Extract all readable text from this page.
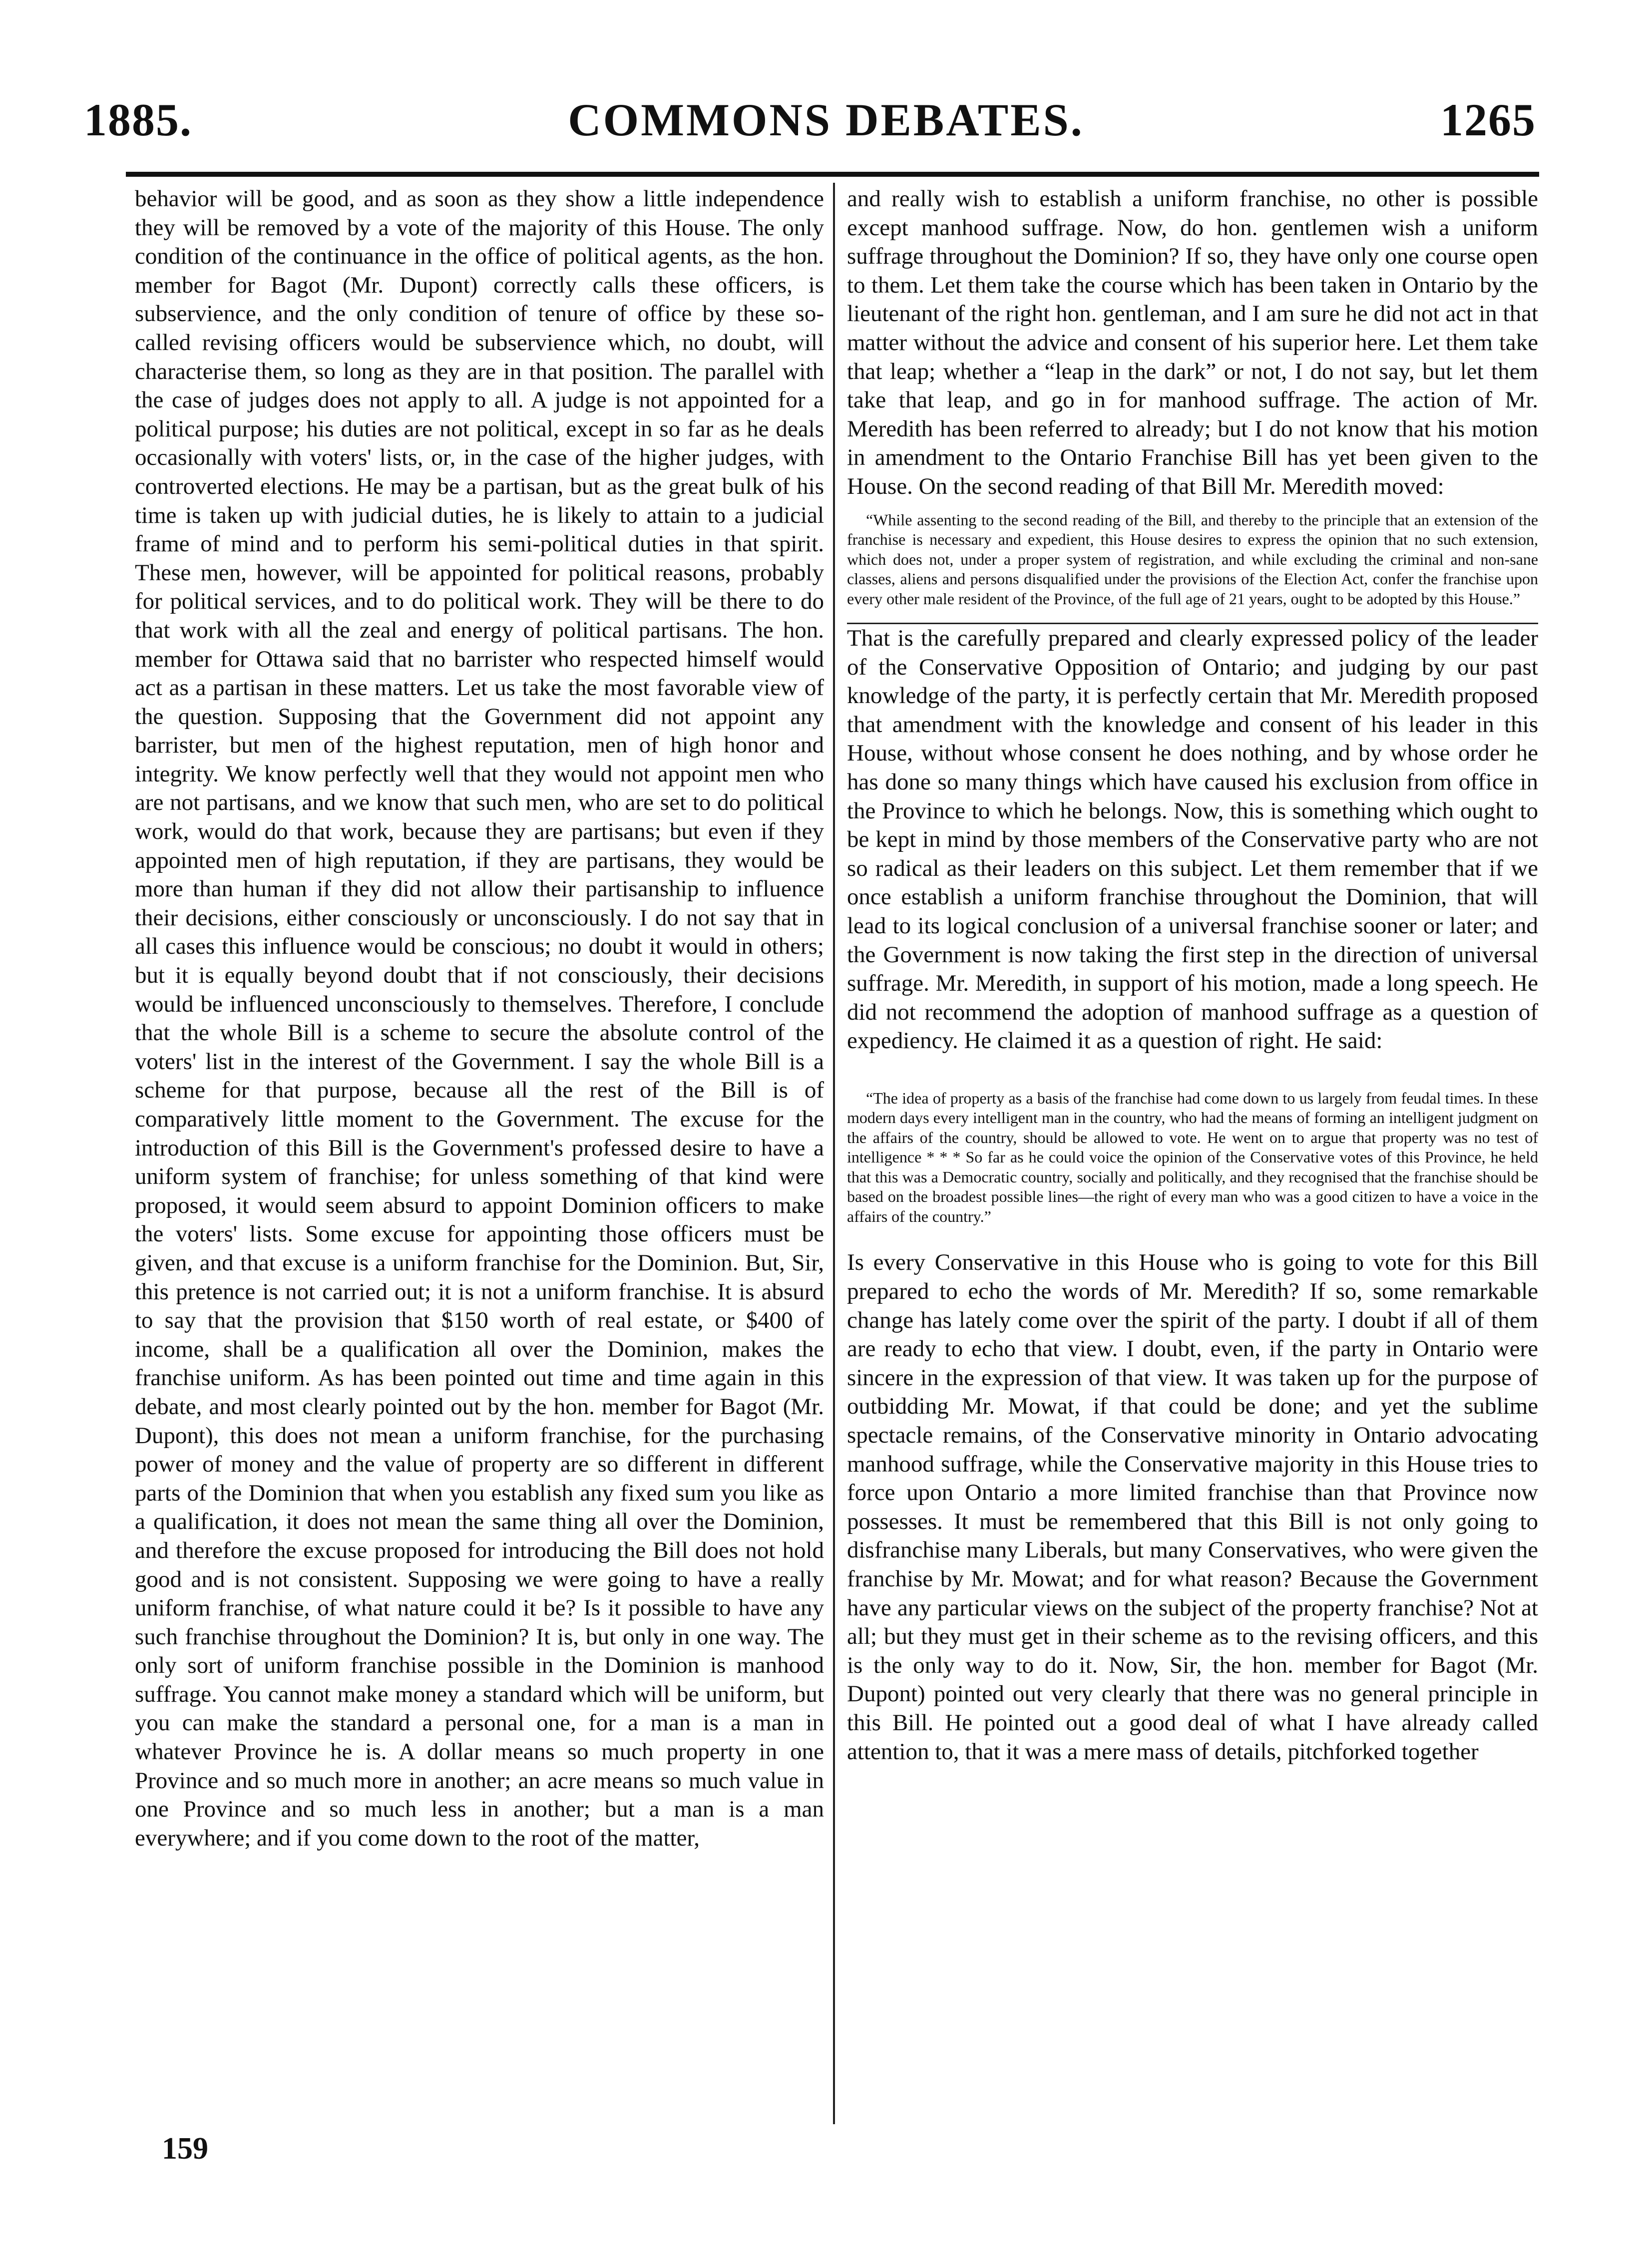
COMMONS DEBATES.
1885.	1265

behavior will be good, and as soon as they show a little independence they will be removed by a vote of the majority of this House. The only condition of the continuance in the office of political agents, as the hon. member for Bagot (Mr. Dupont) correctly calls these officers, is subservience, and the only condition of tenure of office by these so-called revising officers would be subservience which, no doubt, will characterise them, so long as they are in that position. The parallel with the case of judges does not apply to all. A judge is not appointed for a political purpose; his duties are not political, except in so far as he deals occasionally with voters' lists, or, in the case of the higher judges, with controverted elections. He may be a partisan, but as the great bulk of his time is taken up with judicial duties, he is likely to attain to a judicial frame of mind and to perform his semi-political duties in that spirit. These men, however, will be appointed for political reasons, probably for political services, and to do political work. They will be there to do that work with all the zeal and energy of political partisans. The hon. member for Ottawa said that no barrister who respected himself would act as a partisan in these matters. Let us take the most favorable view of the question. Supposing that the Government did not appoint any barrister, but men of the highest reputation, men of high honor and integrity. We know perfectly well that they would not appoint men who are not partisans, and we know that such men, who are set to do political work, would do that work, because they are partisans; but even if they appointed men of high reputation, if they are partisans, they would be more than human if they did not allow their partisanship to influence their decisions, either consciously or unconsciously. I do not say that in all cases this influence would be conscious; no doubt it would in others; but it is equally beyond doubt that if not consciously, their decisions would be influenced unconsciously to themselves. Therefore, I conclude that the whole Bill is a scheme to secure the absolute control of the voters' list in the interest of the Government. I say the whole Bill is a scheme for that purpose, because all the rest of the Bill is of comparatively little moment to the Government. The excuse for the introduction of this Bill is the Government's professed desire to have a uniform system of franchise; for unless something of that kind were proposed, it would seem absurd to appoint Dominion officers to make the voters' lists. Some excuse for appointing those officers must be given, and that excuse is a uniform franchise for the Dominion. But, Sir, this pretence is not carried out; it is not a uniform franchise. It is absurd to say that the provision that $150 worth of real estate, or $400 of income, shall be a qualification all over the Dominion, makes the franchise uniform. As has been pointed out time and time again in this debate, and most clearly pointed out by the hon. member for Bagot (Mr. Dupont), this does not mean a uniform franchise, for the purchasing power of money and the value of property are so different in different parts of the Dominion that when you establish any fixed sum you like as a qualification, it does not mean the same thing all over the Dominion, and therefore the excuse proposed for introducing the Bill does not hold good and is not consistent. Supposing we were going to have a really uniform franchise, of what nature could it be? Is it possible to have any such franchise throughout the Dominion? It is, but only in one way. The only sort of uniform franchise possible in the Dominion is manhood suffrage. You cannot make money a standard which will be uniform, but you can make the standard a personal one, for a man is a man in whatever Province he is. A dollar means so much property in one Province and so much more in another; an acre means so much value in one Province and so much less in another; but a man is a man everywhere; and if you come down to the root of the matter,

and really wish to establish a uniform franchise, no other is possible except manhood suffrage. Now, do hon. gentlemen wish a uniform suffrage throughout the Dominion? If so, they have only one course open to them. Let them take the course which has been taken in Ontario by the lieutenant of the right hon. gentleman, and I am sure he did not act in that matter without the advice and consent of his superior here. Let them take that leap; whether a “leap in the dark” or not, I do not say, but let them take that leap, and go in for manhood suffrage. The action of Mr. Meredith has been referred to already; but I do not know that his motion in amendment to the Ontario Franchise Bill has yet been given to the House. On the second reading of that Bill Mr. Meredith moved:

“While assenting to the second reading of the Bill, and thereby to the principle that an extension of the franchise is necessary and expedient, this House desires to express the opinion that no such extension, which does not, under a proper system of registration, and while excluding the criminal and non-sane classes, aliens and persons disqualified under the provisions of the Election Act, confer the franchise upon every other male resident of the Province, of the full age of 21 years, ought to be adopted by this House.”

That is the carefully prepared and clearly expressed policy of the leader of the Conservative Opposition of Ontario; and judging by our past knowledge of the party, it is perfectly certain that Mr. Meredith proposed that amendment with the knowledge and consent of his leader in this House, without whose consent he does nothing, and by whose order he has done so many things which have caused his exclusion from office in the Province to which he belongs. Now, this is something which ought to be kept in mind by those members of the Conservative party who are not so radical as their leaders on this subject. Let them remember that if we once establish a uniform franchise throughout the Dominion, that will lead to its logical conclusion of a universal franchise sooner or later; and the Government is now taking the first step in the direction of universal suffrage. Mr. Meredith, in support of his motion, made a long speech. He did not recommend the adoption of manhood suffrage as a question of expediency. He claimed it as a question of right. He said:

“The idea of property as a basis of the franchise had come down to us largely from feudal times. In these modern days every intelligent man in the country, who had the means of forming an intelligent judgment on the affairs of the country, should be allowed to vote. He went on to argue that property was no test of intelligence * * * So far as he could voice the opinion of the Conservative votes of this Province, he held that this was a Democratic country, socially and politically, and they recognised that the franchise should be based on the broadest possible lines—the right of every man who was a good citizen to have a voice in the affairs of the country.”

Is every Conservative in this House who is going to vote for this Bill prepared to echo the words of Mr. Meredith? If so, some remarkable change has lately come over the spirit of the party. I doubt if all of them are ready to echo that view. I doubt, even, if the party in Ontario were sincere in the expression of that view. It was taken up for the purpose of outbidding Mr. Mowat, if that could be done; and yet the sublime spectacle remains, of the Conservative minority in Ontario advocating manhood suffrage, while the Conservative majority in this House tries to force upon Ontario a more limited franchise than that Province now possesses. It must be remembered that this Bill is not only going to disfranchise many Liberals, but many Conservatives, who were given the franchise by Mr. Mowat; and for what reason? Because the Government have any particular views on the subject of the property franchise? Not at all; but they must get in their scheme as to the revising officers, and this is the only way to do it. Now, Sir, the hon. member for Bagot (Mr. Dupont) pointed out very clearly that there was no general principle in this Bill. He pointed out a good deal of what I have already called attention to, that it was a mere mass of details, pitchforked together

159
